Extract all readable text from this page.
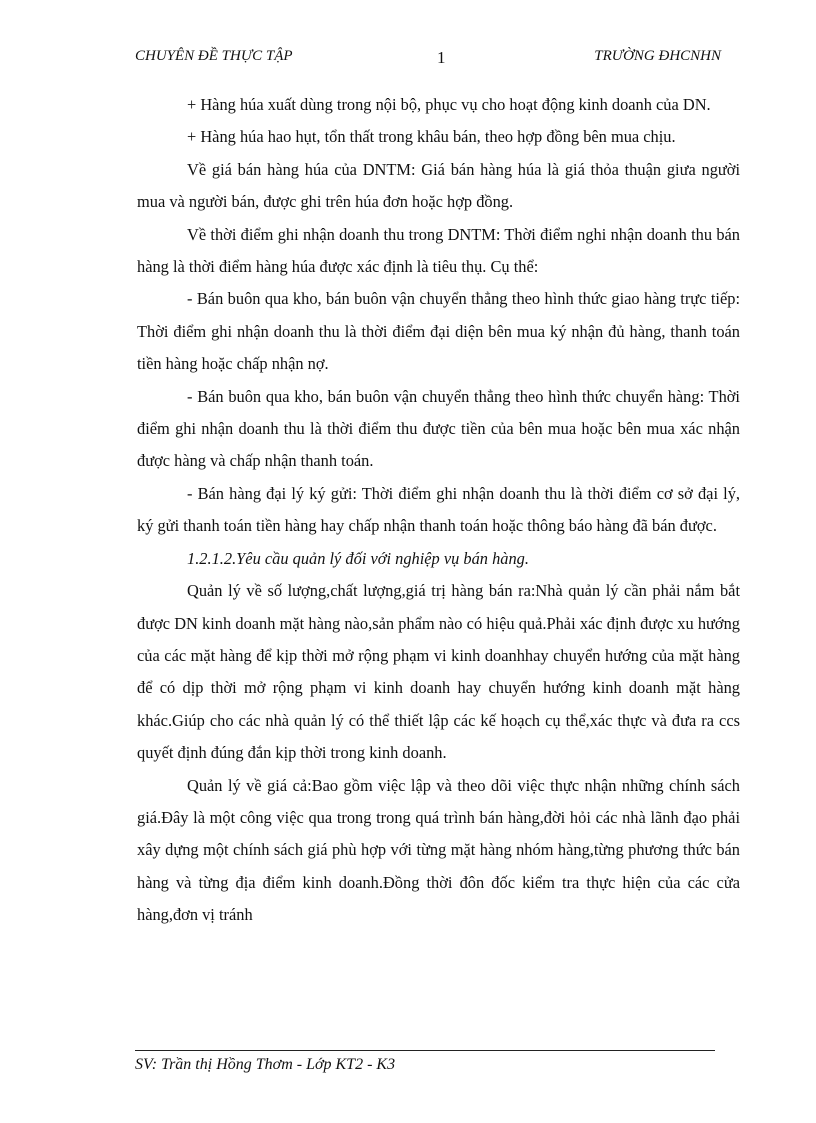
CHUYÊN ĐỀ THỰC TẬP	1	TRƯỜNG ĐHCNHN

+ Hàng húa xuất dùng trong nội bộ, phục vụ cho hoạt động kinh doanh của DN.

+ Hàng húa hao hụt, tổn thất trong khâu bán, theo hợp đồng bên mua chịu.

Về giá bán hàng húa của DNTM: Giá bán hàng húa là giá thỏa thuận giưa người mua và người bán, được ghi trên húa đơn hoặc hợp đồng.

Về thời điểm ghi nhận doanh thu trong DNTM: Thời điểm nghi nhận doanh thu bán hàng là thời điểm hàng húa được xác định là tiêu thụ. Cụ thể:

- Bán buôn qua kho, bán buôn vận chuyển thẳng theo hình thức giao hàng trực tiếp: Thời điểm ghi nhận doanh thu là thời điểm đại diện bên mua ký nhận đủ hàng, thanh toán tiền hàng hoặc chấp nhận nợ.

- Bán buôn qua kho, bán buôn vận chuyển thẳng theo hình thức chuyển hàng: Thời điểm ghi nhận doanh thu là thời điểm thu được tiền của bên mua hoặc bên mua xác nhận được hàng và chấp nhận thanh toán.

- Bán hàng đại lý ký gửi: Thời điểm ghi nhận doanh thu là thời điểm cơ sở đại lý, ký gửi thanh toán tiền hàng hay chấp nhận thanh toán hoặc thông báo hàng đã bán được.

1.2.1.2.Yêu cầu quản lý đối với nghiệp vụ bán hàng.

Quản lý về số lượng,chất lượng,giá trị hàng bán ra:Nhà quản lý cần phải nắm bắt được DN kinh doanh mặt hàng nào,sản phẩm nào có hiệu quả.Phải xác định được xu hướng của các mặt hàng để kịp thời mở rộng phạm vi kinh doanhhay chuyển hướng của mặt hàng để có dịp thời mở rộng phạm vi kinh doanh hay chuyển hướng kinh doanh mặt hàng khác.Giúp cho các nhà quản lý có thể thiết lập các kế hoạch cụ thể,xác thực và đưa ra ccs quyết định đúng đắn kịp thời trong kinh doanh.

Quản lý về giá cả:Bao gồm việc lập và theo dõi việc thực nhận những chính sách giá.Đây là một công việc qua trong trong quá trình bán hàng,đời hỏi các nhà lãnh đạo phải xây dựng một chính sách giá phù hợp với từng mặt hàng nhóm hàng,từng phương thức bán hàng và từng địa điểm kinh doanh.Đồng thời đôn đốc kiểm tra thực hiện của các cửa hàng,đơn vị tránh

SV: Trần thị Hồng Thơm - Lớp KT2 - K3
